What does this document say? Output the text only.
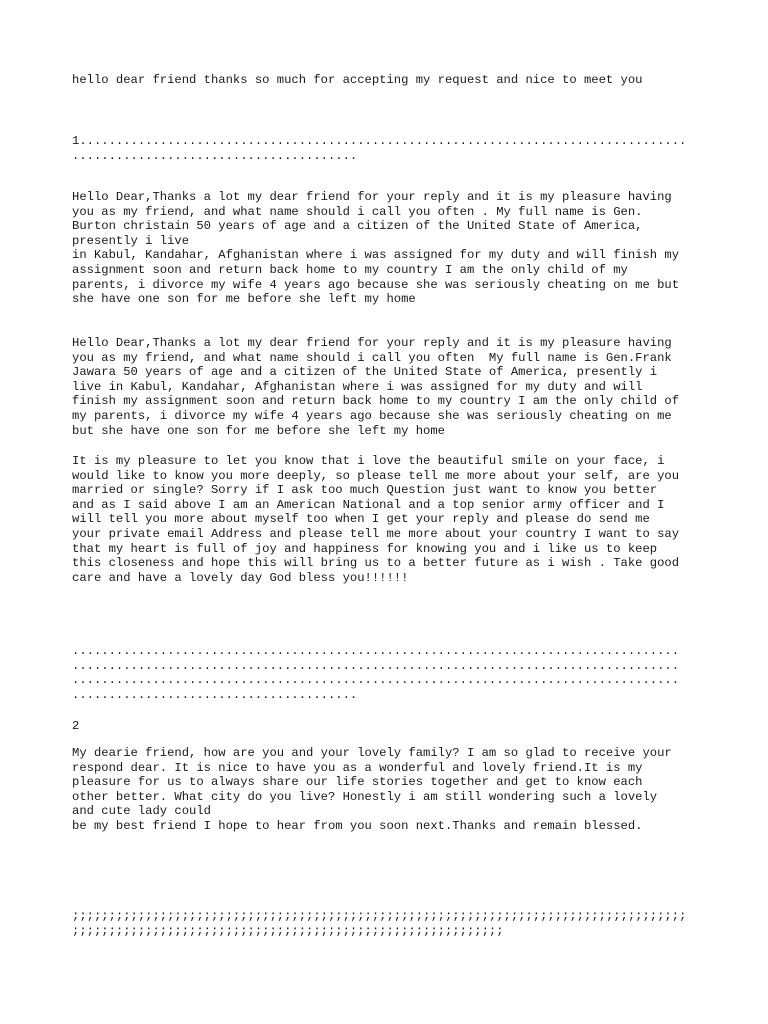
hello dear friend thanks so much for accepting my request and nice to meet you

1...................................................................................
.......................................

Hello Dear,Thanks a lot my dear friend for your reply and it is my pleasure having
you as my friend, and what name should i call you often . My full name is Gen.
Burton christain 50 years of age and a citizen of the United State of America,
presently i live
in Kabul, Kandahar, Afghanistan where i was assigned for my duty and will finish my
assignment soon and return back home to my country I am the only child of my
parents, i divorce my wife 4 years ago because she was seriously cheating on me but
she have one son for me before she left my home

Hello Dear,Thanks a lot my dear friend for your reply and it is my pleasure having
you as my friend, and what name should i call you often  My full name is Gen.Frank
Jawara 50 years of age and a citizen of the United State of America, presently i
live in Kabul, Kandahar, Afghanistan where i was assigned for my duty and will
finish my assignment soon and return back home to my country I am the only child of
my parents, i divorce my wife 4 years ago because she was seriously cheating on me
but she have one son for me before she left my home

It is my pleasure to let you know that i love the beautiful smile on your face, i
would like to know you more deeply, so please tell me more about your self, are you
married or single? Sorry if I ask too much Question just want to know you better
and as I said above I am an American National and a top senior army officer and I
will tell you more about myself too when I get your reply and please do send me
your private email Address and please tell me more about your country I want to say
that my heart is full of joy and happiness for knowing you and i like us to keep
this closeness and hope this will bring us to a better future as i wish . Take good
care and have a lovely day God bless you!!!!!!

...................................................................................
...................................................................................
...................................................................................
.......................................

2

My dearie friend, how are you and your lovely family? I am so glad to receive your
respond dear. It is nice to have you as a wonderful and lovely friend.It is my
pleasure for us to always share our life stories together and get to know each
other better. What city do you live? Honestly i am still wondering such a lovely
and cute lady could
be my best friend I hope to hear from you soon next.Thanks and remain blessed.

;;;;;;;;;;;;;;;;;;;;;;;;;;;;;;;;;;;;;;;;;;;;;;;;;;;;;;;;;;;;;;;;;;;;;;;;;;;;;;;;;;;;
;;;;;;;;;;;;;;;;;;;;;;;;;;;;;;;;;;;;;;;;;;;;;;;;;;;;;;;;;;;
